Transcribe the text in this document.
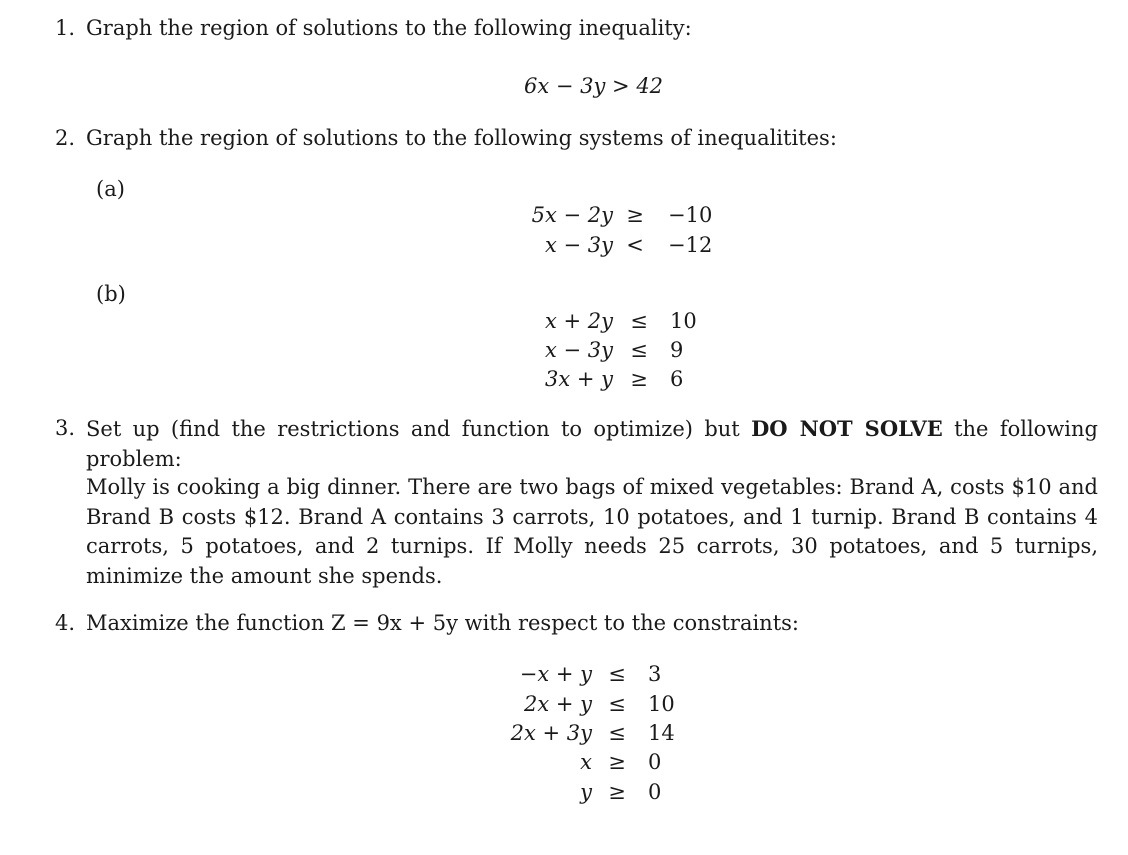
1. Graph the region of solutions to the following inequality:
6x − 3y > 42
2. Graph the region of solutions to the following systems of inequalitites:
(a)
5x − 2y ≥ −10
x − 3y < −12
(b)
x + 2y ≤ 10
x − 3y ≤ 9
3x + y ≥ 6
3. Set up (find the restrictions and function to optimize) but DO NOT SOLVE the following problem:
Molly is cooking a big dinner. There are two bags of mixed vegetables: Brand A, costs $10 and Brand B costs $12. Brand A contains 3 carrots, 10 potatoes, and 1 turnip. Brand B contains 4 carrots, 5 potatoes, and 2 turnips. If Molly needs 25 carrots, 30 potatoes, and 5 turnips, minimize the amount she spends.
4. Maximize the function Z = 9x + 5y with respect to the constraints:
−x + y ≤ 3
2x + y ≤ 10
2x + 3y ≤ 14
x ≥ 0
y ≥ 0
